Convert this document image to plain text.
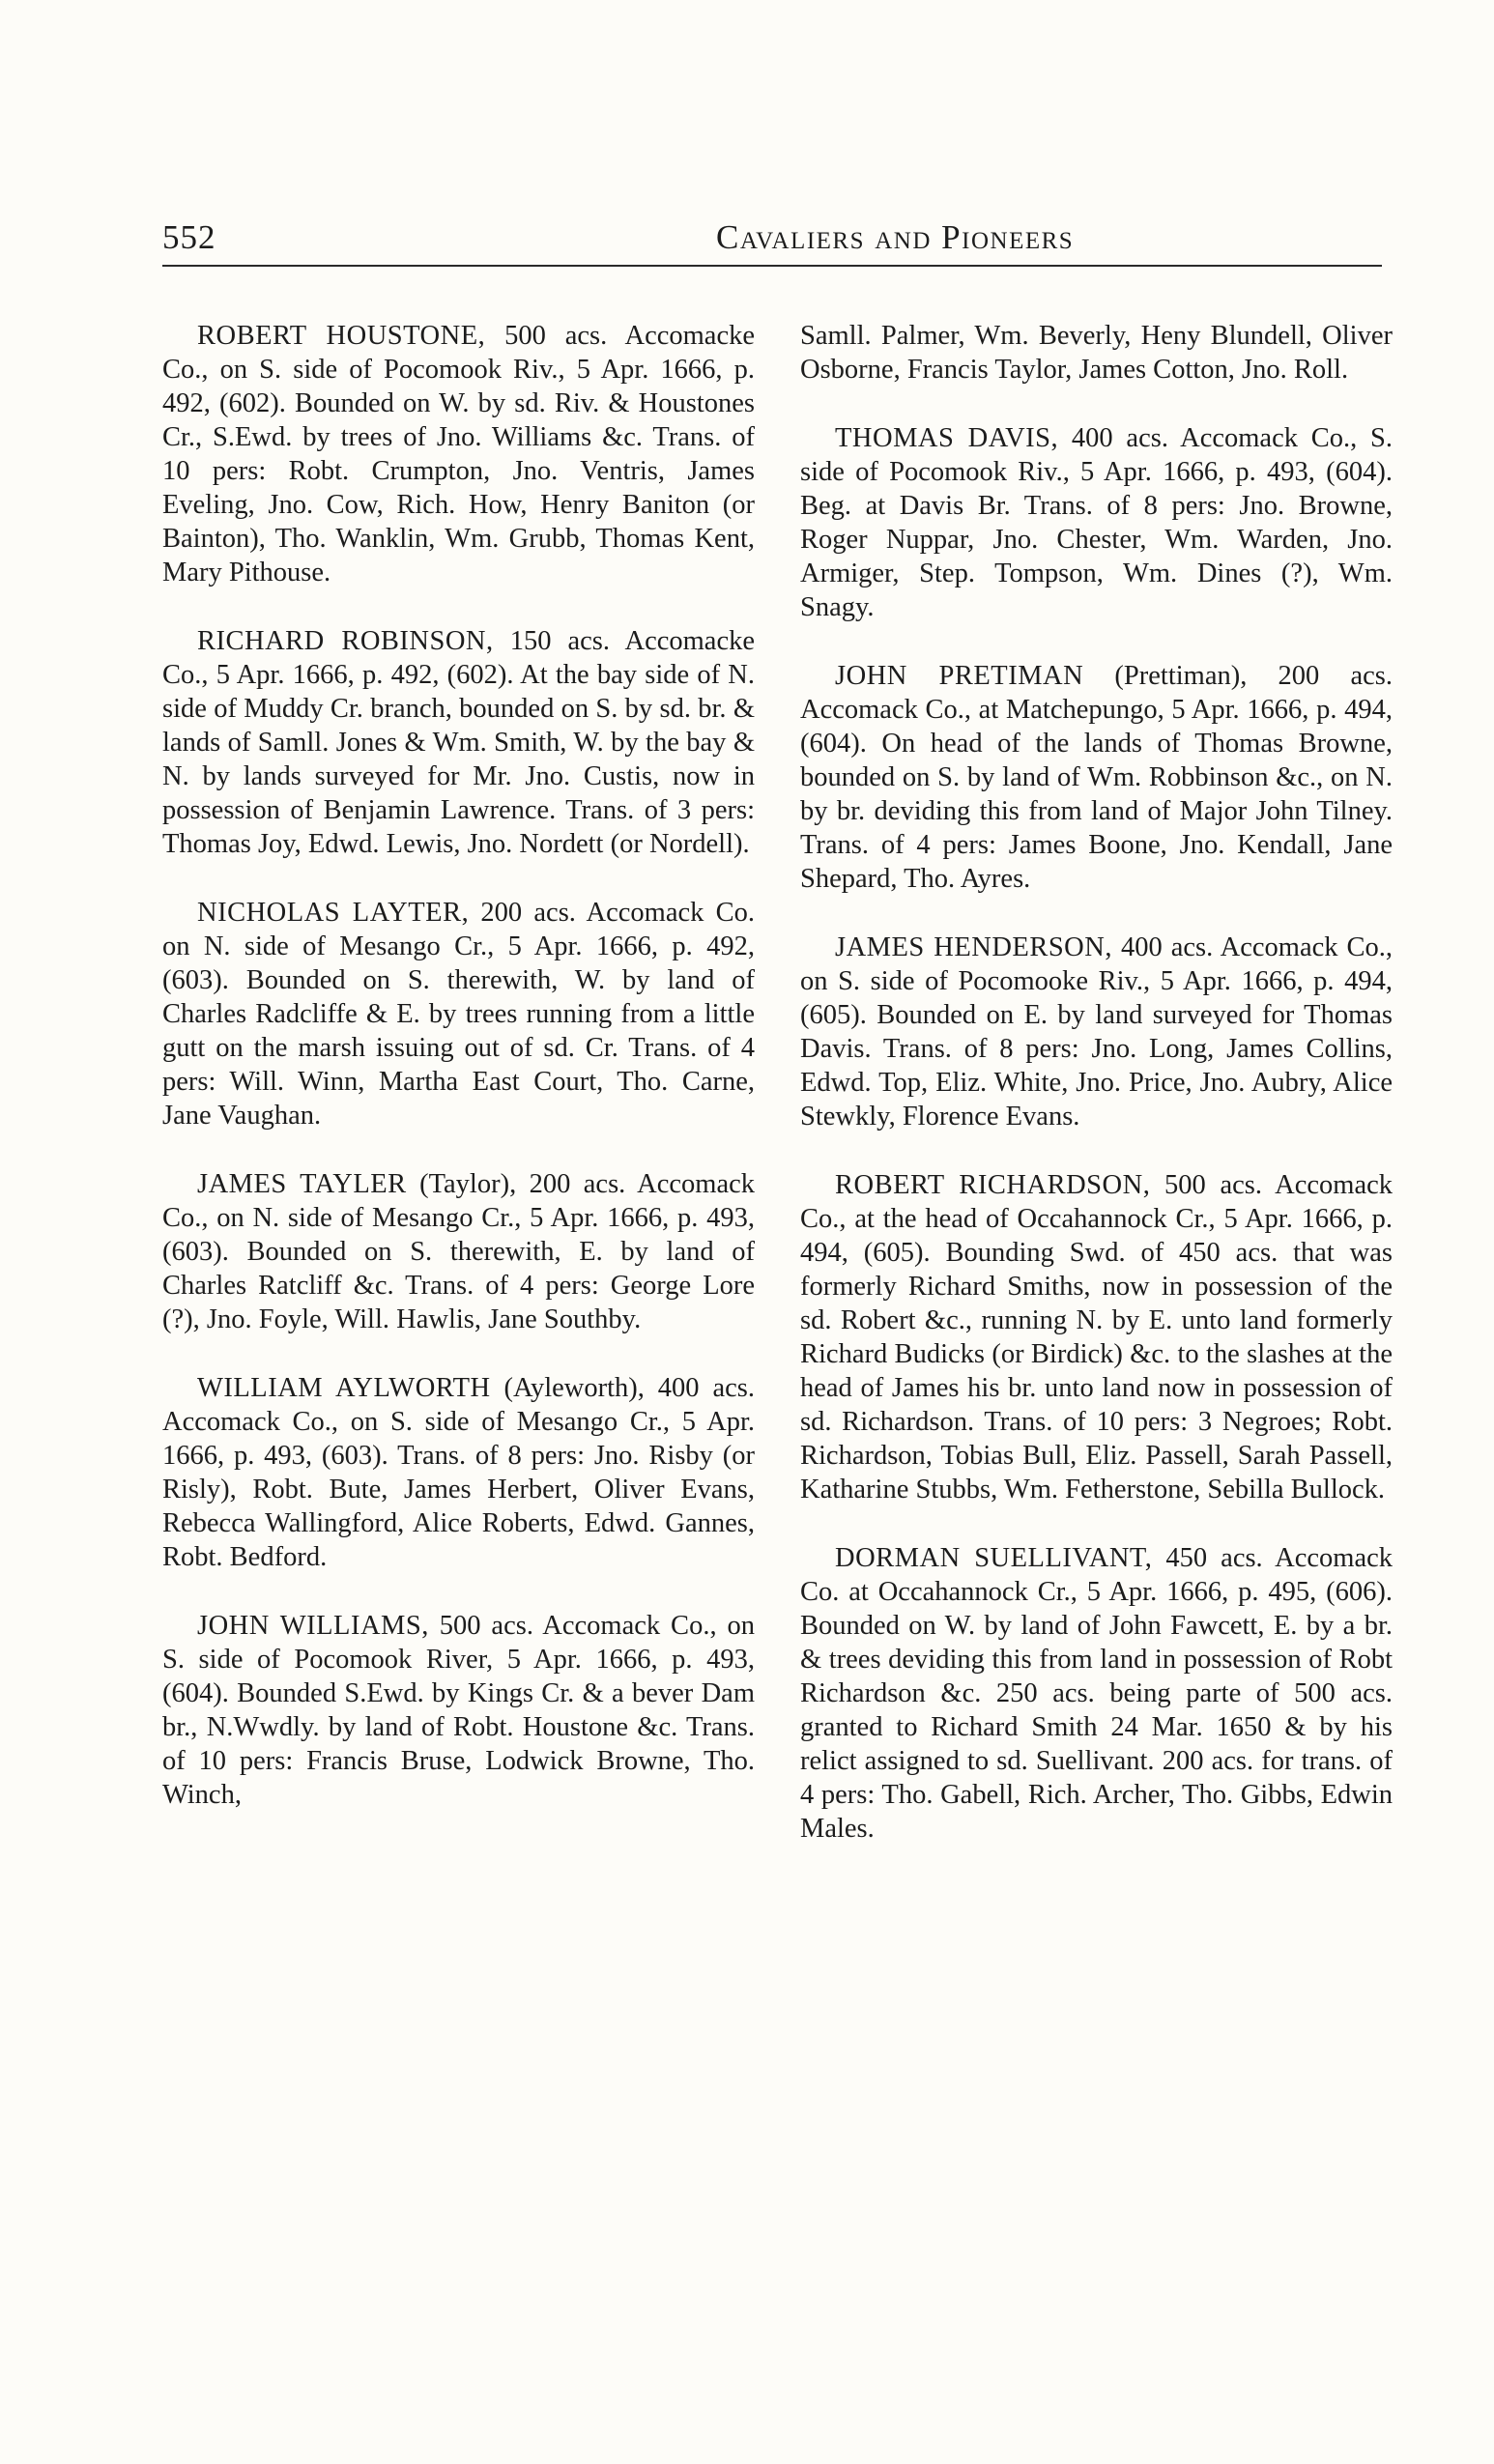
552	Cavaliers and Pioneers

ROBERT HOUSTONE, 500 acs. Accomacke Co., on S. side of Pocomook Riv., 5 Apr. 1666, p. 492, (602). Bounded on W. by sd. Riv. & Houstones Cr., S.Ewd. by trees of Jno. Williams &c. Trans. of 10 pers: Robt. Crumpton, Jno. Ventris, James Eveling, Jno. Cow, Rich. How, Henry Baniton (or Bainton), Tho. Wanklin, Wm. Grubb, Thomas Kent, Mary Pithouse.

RICHARD ROBINSON, 150 acs. Accomacke Co., 5 Apr. 1666, p. 492, (602). At the bay side of N. side of Muddy Cr. branch, bounded on S. by sd. br. & lands of Samll. Jones & Wm. Smith, W. by the bay & N. by lands surveyed for Mr. Jno. Custis, now in possession of Benjamin Lawrence. Trans. of 3 pers: Thomas Joy, Edwd. Lewis, Jno. Nordett (or Nordell).

NICHOLAS LAYTER, 200 acs. Accomack Co. on N. side of Mesango Cr., 5 Apr. 1666, p. 492, (603). Bounded on S. therewith, W. by land of Charles Radcliffe & E. by trees running from a little gutt on the marsh issuing out of sd. Cr. Trans. of 4 pers: Will. Winn, Martha East Court, Tho. Carne, Jane Vaughan.

JAMES TAYLER (Taylor), 200 acs. Accomack Co., on N. side of Mesango Cr., 5 Apr. 1666, p. 493, (603). Bounded on S. therewith, E. by land of Charles Ratcliff &c. Trans. of 4 pers: George Lore (?), Jno. Foyle, Will. Hawlis, Jane Southby.

WILLIAM AYLWORTH (Ayleworth), 400 acs. Accomack Co., on S. side of Mesango Cr., 5 Apr. 1666, p. 493, (603). Trans. of 8 pers: Jno. Risby (or Risly), Robt. Bute, James Herbert, Oliver Evans, Rebecca Wallingford, Alice Roberts, Edwd. Gannes, Robt. Bedford.

JOHN WILLIAMS, 500 acs. Accomack Co., on S. side of Pocomook River, 5 Apr. 1666, p. 493, (604). Bounded S.Ewd. by Kings Cr. & a bever Dam br., N.Wwdly. by land of Robt. Houstone &c. Trans. of 10 pers: Francis Bruse, Lodwick Browne, Tho. Winch,

Samll. Palmer, Wm. Beverly, Heny Blundell, Oliver Osborne, Francis Taylor, James Cotton, Jno. Roll.

THOMAS DAVIS, 400 acs. Accomack Co., S. side of Pocomook Riv., 5 Apr. 1666, p. 493, (604). Beg. at Davis Br. Trans. of 8 pers: Jno. Browne, Roger Nuppar, Jno. Chester, Wm. Warden, Jno. Armiger, Step. Tompson, Wm. Dines (?), Wm. Snagy.

JOHN PRETIMAN (Prettiman), 200 acs. Accomack Co., at Matchepungo, 5 Apr. 1666, p. 494, (604). On head of the lands of Thomas Browne, bounded on S. by land of Wm. Robbinson &c., on N. by br. deviding this from land of Major John Tilney. Trans. of 4 pers: James Boone, Jno. Kendall, Jane Shepard, Tho. Ayres.

JAMES HENDERSON, 400 acs. Accomack Co., on S. side of Pocomooke Riv., 5 Apr. 1666, p. 494, (605). Bounded on E. by land surveyed for Thomas Davis. Trans. of 8 pers: Jno. Long, James Collins, Edwd. Top, Eliz. White, Jno. Price, Jno. Aubry, Alice Stewkly, Florence Evans.

ROBERT RICHARDSON, 500 acs. Accomack Co., at the head of Occahannock Cr., 5 Apr. 1666, p. 494, (605). Bounding Swd. of 450 acs. that was formerly Richard Smiths, now in possession of the sd. Robert &c., running N. by E. unto land formerly Richard Budicks (or Birdick) &c. to the slashes at the head of James his br. unto land now in possession of sd. Richardson. Trans. of 10 pers: 3 Negroes; Robt. Richardson, Tobias Bull, Eliz. Passell, Sarah Passell, Katharine Stubbs, Wm. Fetherstone, Sebilla Bullock.

DORMAN SUELLIVANT, 450 acs. Accomack Co. at Occahannock Cr., 5 Apr. 1666, p. 495, (606). Bounded on W. by land of John Fawcett, E. by a br. & trees deviding this from land in possession of Robt Richardson &c. 250 acs. being parte of 500 acs. granted to Richard Smith 24 Mar. 1650 & by his relict assigned to sd. Suellivant. 200 acs. for trans. of 4 pers: Tho. Gabell, Rich. Archer, Tho. Gibbs, Edwin Males.
